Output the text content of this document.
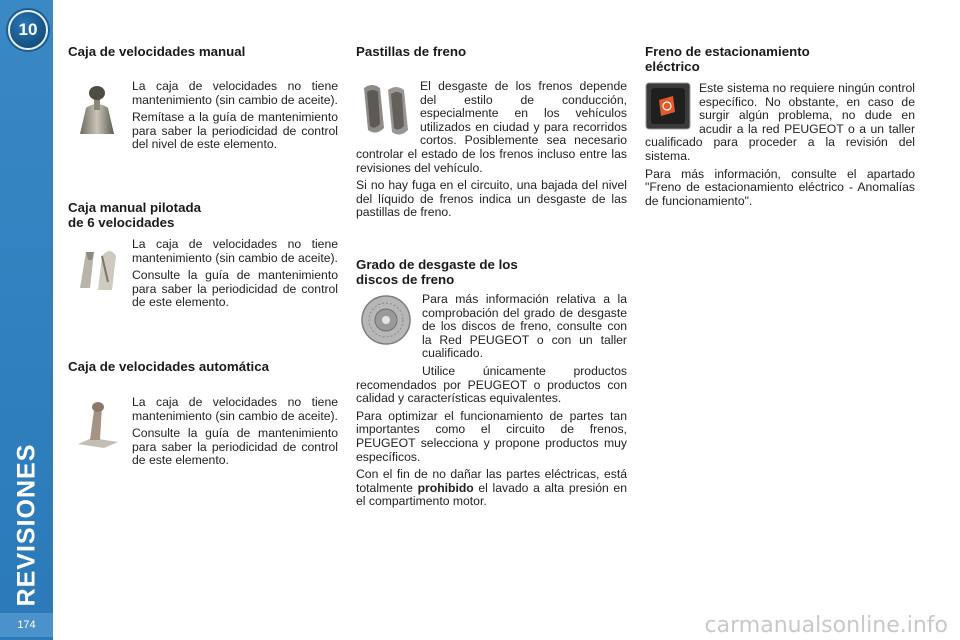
10
REVISIONES
174
Caja de velocidades manual

La caja de velocidades no tiene mantenimiento (sin cambio de aceite).

Remítase a la guía de mantenimiento para saber la periodicidad de control del nivel de este elemento.

Caja manual pilotada
de 6 velocidades

La caja de velocidades no tiene mantenimiento (sin cambio de aceite).

Consulte la guía de mantenimiento para saber la periodicidad de control de este elemento.

Caja de velocidades automática

La caja de velocidades no tiene mantenimiento (sin cambio de aceite).

Consulte la guía de mantenimiento para saber la periodicidad de control de este elemento.

Pastillas de freno

El desgaste de los frenos depende del estilo de conducción, especialmente en los vehículos utilizados en ciudad y para recorridos cortos. Posiblemente sea necesario controlar el estado de los frenos incluso entre las revisiones del vehículo.

Si no hay fuga en el circuito, una bajada del nivel del líquido de frenos indica un desgaste de las pastillas de freno.

Grado de desgaste de los
discos de freno

Para más información relativa a la comprobación del grado de desgaste de los discos de freno, consulte con la Red PEUGEOT o con un taller cualificado.

Utilice únicamente productos recomendados por PEUGEOT o productos con calidad y características equivalentes.

Para optimizar el funcionamiento de partes tan importantes como el circuito de frenos, PEUGEOT selecciona y propone productos muy específicos.

Con el fin de no dañar las partes eléctricas, está totalmente prohibido el lavado a alta presión en el compartimento motor.

Freno de estacionamiento
eléctrico

Este sistema no requiere ningún control específico. No obstante, en caso de surgir algún problema, no dude en acudir a la red PEUGEOT o a un taller cualificado para proceder a la revisión del sistema.

Para más información, consulte el apartado "Freno de estacionamiento eléctrico - Anomalías de funcionamiento".

carmanualsonline.info
